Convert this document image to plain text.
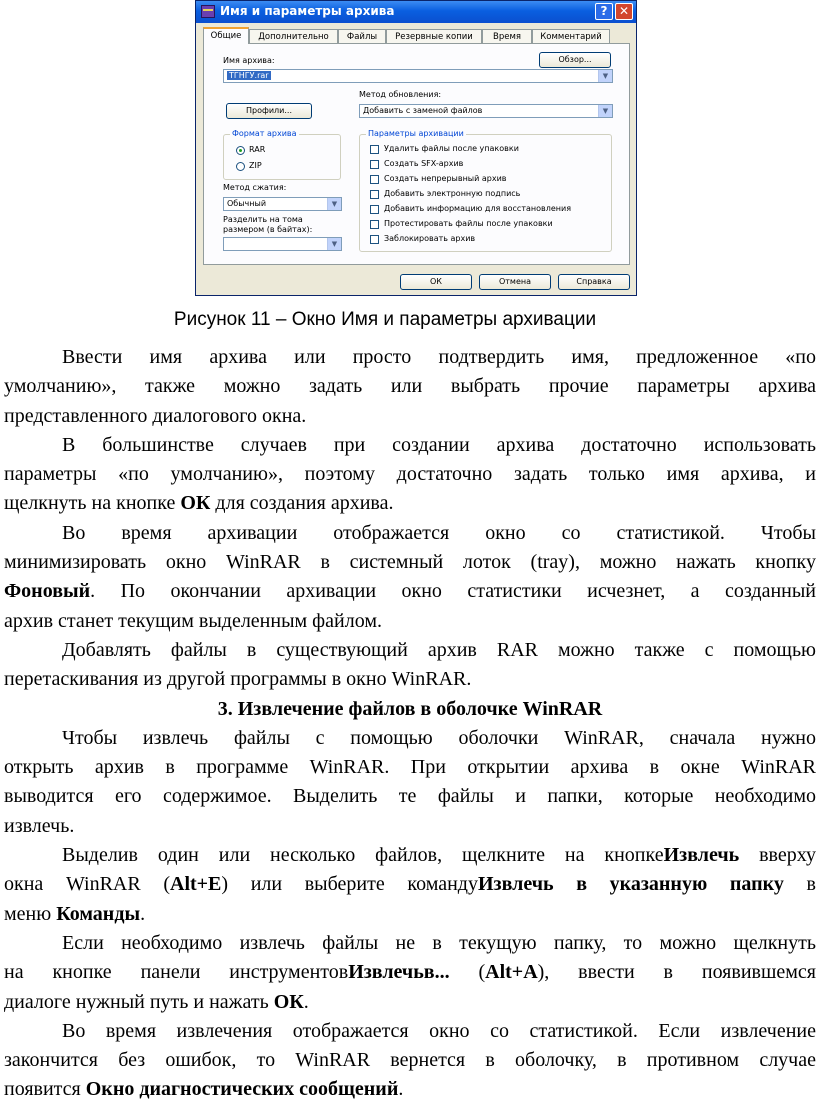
Имя и параметры архива	? ✕
Общие	Дополнительно	Файлы	Резервные копии	Время	Комментарий
Имя архива:	Обзор...
ТГНГУ.rar	▼
Метод обновления:
Профили...	Добавить с заменой файлов	▼
Формат архива
RAR
ZIP
Метод сжатия:
Обычный	▼
Разделить на тома
размером (в байтах):
▼
Параметры архивации
Удалить файлы после упаковки
Создать SFX-архив
Создать непрерывный архив
Добавить электронную подпись
Добавить информацию для восстановления
Протестировать файлы после упаковки
Заблокировать архив
ОК	Отмена	Справка
Рисунок 11 – Окно Имя и параметры архивации

Ввести имя архива или просто подтвердить имя, предложенное «по
умолчанию», также можно задать или выбрать прочие параметры архива
представленного диалогового окна.

В большинстве случаев при создании архива достаточно использовать
параметры «по умолчанию», поэтому достаточно задать только имя архива, и
щелкнуть на кнопке ОК для создания архива.

Во время архивации отображается окно со статистикой. Чтобы
минимизировать окно WinRAR в системный лоток (tray), можно нажать кнопку
Фоновый. По окончании архивации окно статистики исчезнет, а созданный
архив станет текущим выделенным файлом.

Добавлять файлы в существующий архив RAR можно также с помощью
перетаскивания из другой программы в окно WinRAR.

3. Извлечение файлов в оболочке WinRAR

Чтобы извлечь файлы с помощью оболочки WinRAR, сначала нужно
открыть архив в программе WinRAR. При открытии архива в окне WinRAR
выводится его содержимое. Выделить те файлы и папки, которые необходимо
извлечь.

Выделив один или несколько файлов, щелкните на кнопкеИзвлечь вверху
окна WinRAR (Alt+E) или выберите командуИзвлечь в указанную папку в
меню Команды.

Если необходимо извлечь файлы не в текущую папку, то можно щелкнуть
на кнопке панели инструментовИзвлечьв... (Alt+A), ввести в появившемся
диалоге нужный путь и нажать ОК.

Во время извлечения отображается окно со статистикой. Если извлечение
закончится без ошибок, то WinRAR вернется в оболочку, в противном случае
появится Окно диагностических сообщений.
